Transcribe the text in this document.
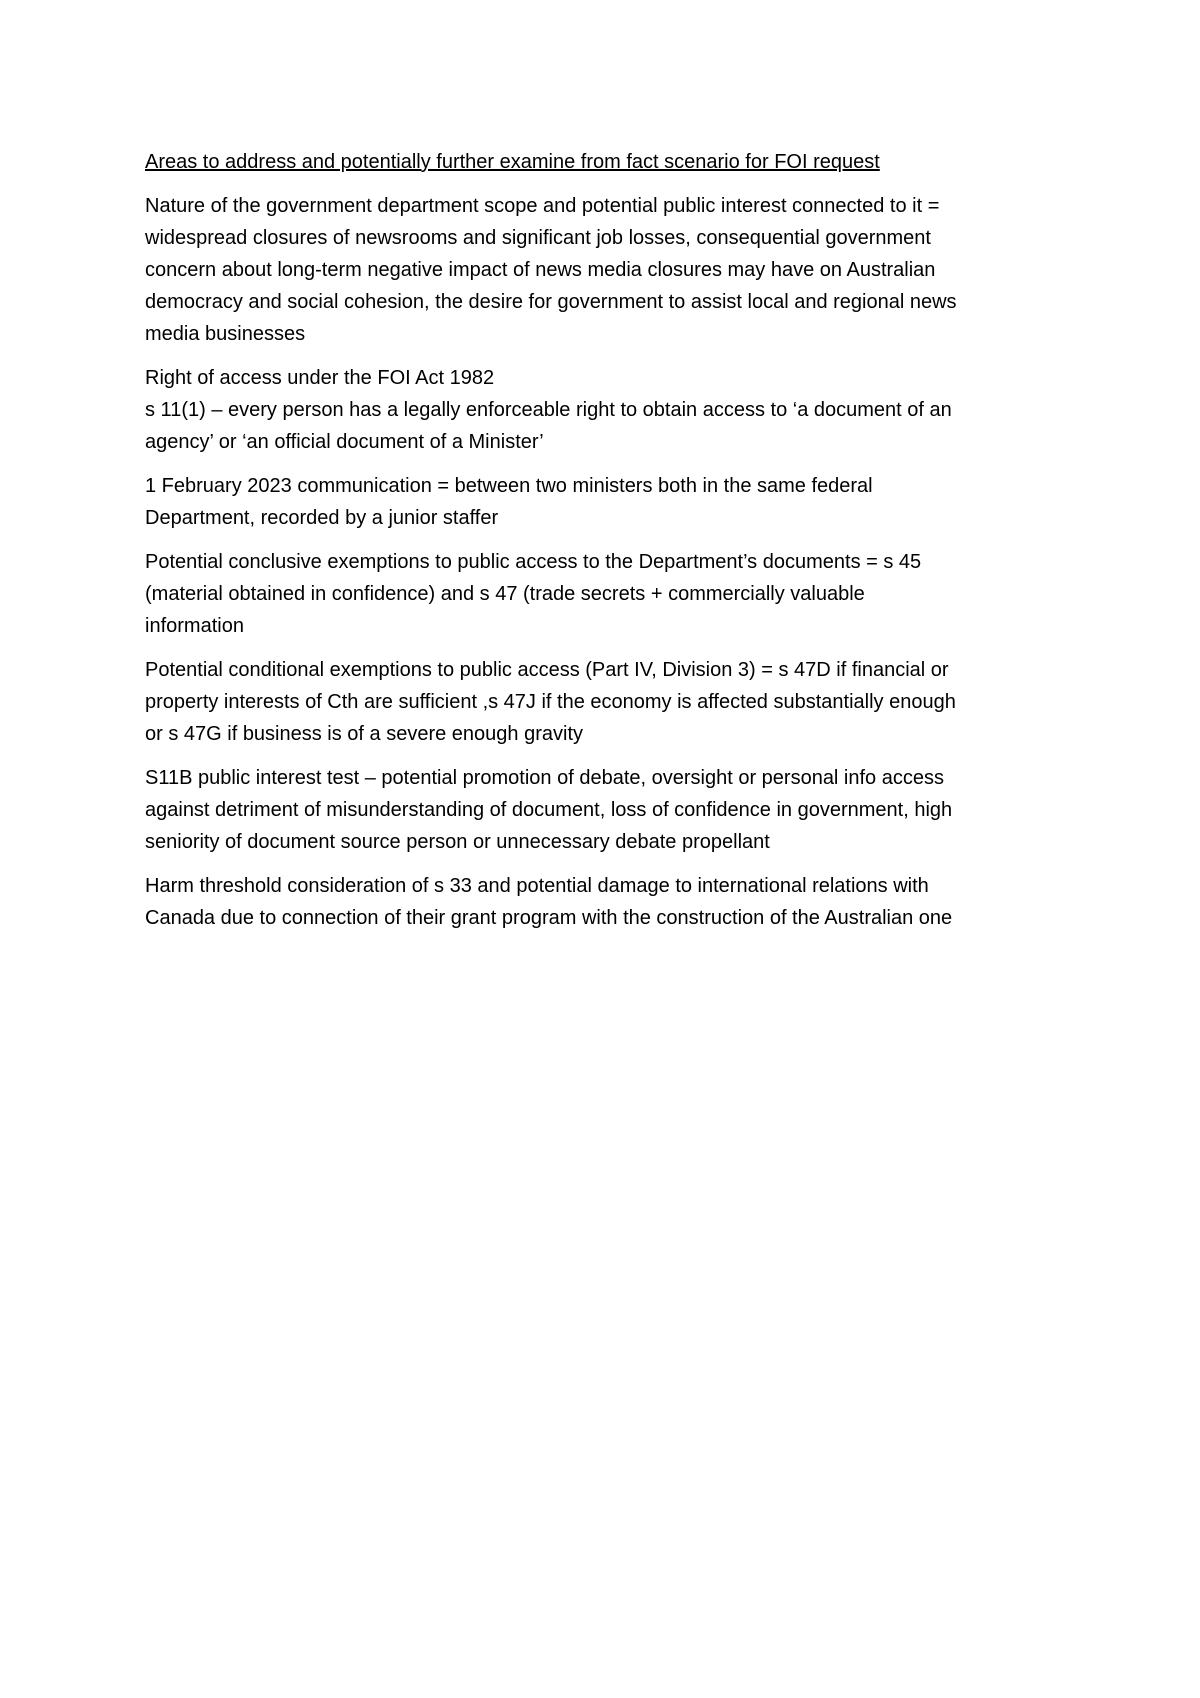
Areas to address and potentially further examine from fact scenario for FOI request
Nature of the government department scope and potential public interest connected to it =
widespread closures of newsrooms and significant job losses, consequential government
concern about long-term negative impact of news media closures may have on Australian
democracy and social cohesion, the desire for government to assist local and regional news
media businesses
Right of access under the FOI Act 1982
s 11(1) – every person has a legally enforceable right to obtain access to ‘a document of an
agency’ or ‘an official document of a Minister’
1 February 2023 communication = between two ministers both in the same federal
Department, recorded by a junior staffer
Potential conclusive exemptions to public access to the Department’s documents = s 45
(material obtained in confidence) and s 47 (trade secrets + commercially valuable
information
Potential conditional exemptions to public access (Part IV, Division 3) = s 47D if financial or
property interests of Cth are sufficient ,s 47J if the economy is affected substantially enough
or s 47G if business is of a severe enough gravity
S11B public interest test – potential promotion of debate, oversight or personal info access
against detriment of misunderstanding of document, loss of confidence in government, high
seniority of document source person or unnecessary debate propellant
Harm threshold consideration of s 33 and potential damage to international relations with
Canada due to connection of their grant program with the construction of the Australian one
